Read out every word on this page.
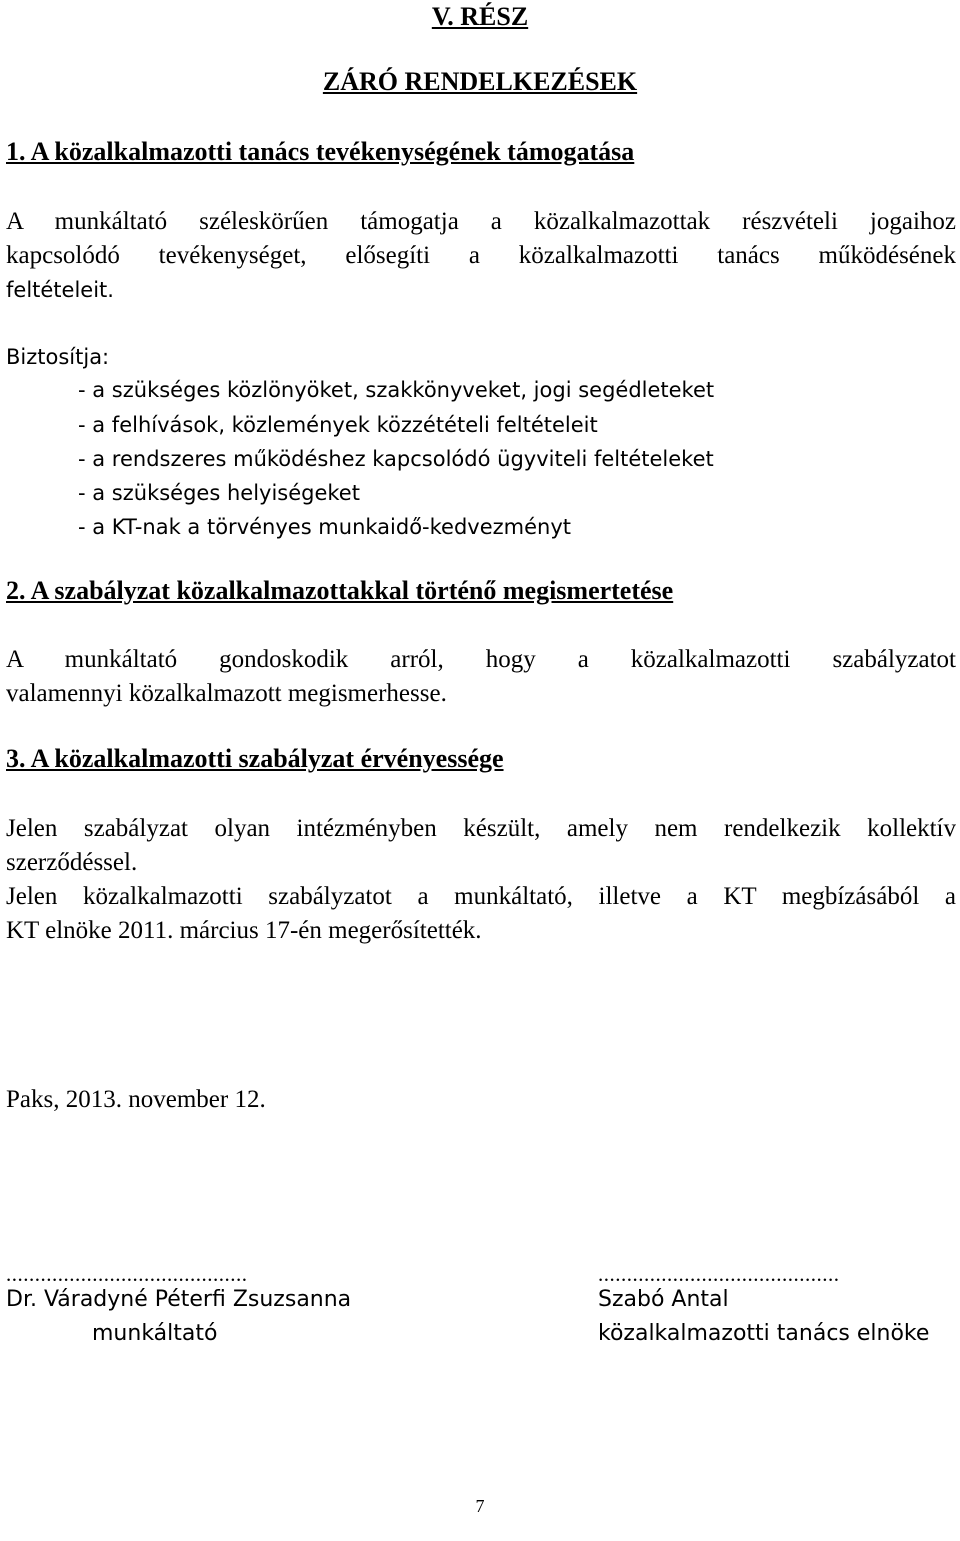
V. RÉSZ
ZÁRÓ RENDELKEZÉSEK
1. A közalkalmazotti tanács tevékenységének támogatása
A munkáltató széleskörűen támogatja a közalkalmazottak részvételi jogaihoz
kapcsolódó tevékenységet, elősegíti a közalkalmazotti tanács működésének
feltételeit.
Biztosítja:
- a szükséges közlönyöket, szakkönyveket, jogi segédleteket
- a felhívások, közlemények közzétételi feltételeit
- a rendszeres működéshez kapcsolódó ügyviteli feltételeket
- a szükséges helyiségeket
- a KT-nak a törvényes munkaidő-kedvezményt
2. A szabályzat közalkalmazottakkal történő megismertetése
A munkáltató gondoskodik arról, hogy a közalkalmazotti szabályzatot
valamennyi közalkalmazott megismerhesse.
3. A közalkalmazotti szabályzat érvényessége
Jelen szabályzat olyan intézményben készült, amely nem rendelkezik kollektív
szerződéssel.
Jelen közalkalmazotti szabályzatot a munkáltató, illetve a KT megbízásából a
KT elnöke 2011. március 17-én megerősítették.
Paks, 2013. november 12.
..........................................
Dr. Váradyné Péterfi Zsuzsanna
munkáltató
..........................................
Szabó Antal
közalkalmazotti tanács elnöke
7
